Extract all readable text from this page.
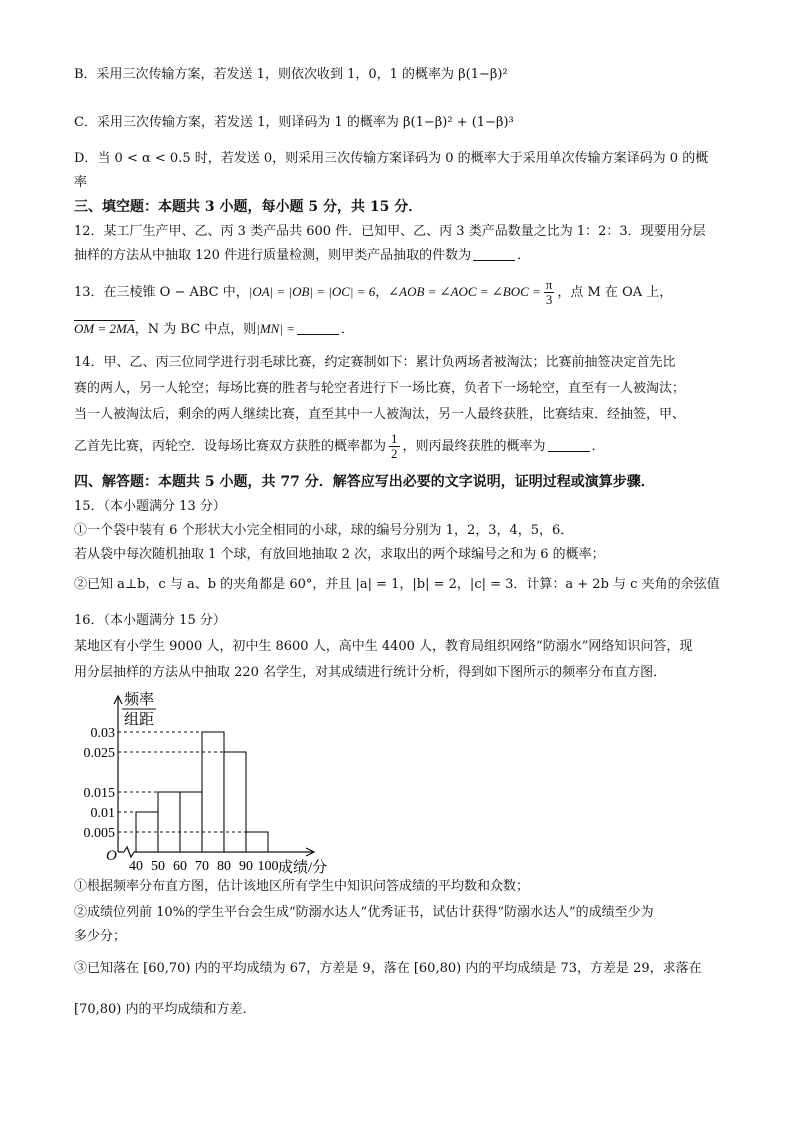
B．采用三次传输方案，若发送 1，则依次收到 1，0，1 的概率为 β(1−β)²
C．采用三次传输方案，若发送 1，则译码为 1 的概率为 β(1−β)² + (1−β)³
D．当 0 < α < 0.5 时，若发送 0，则采用三次传输方案译码为 0 的概率大于采用单次传输方案译码为 0 的概
率
三、填空题：本题共 3 小题，每小题 5 分，共 15 分．
12．某工厂生产甲、乙、丙 3 类产品共 600 件．已知甲、乙、丙 3 类产品数量之比为 1：2：3．现要用分层
抽样的方法从中抽取 120 件进行质量检测，则甲类产品抽取的件数为	．
13．在三棱锥 O − ABC 中，|OA| = |OB| = |OC| = 6，∠AOB = ∠AOC = ∠BOC = $\frac{\pi}{3}$ ，点 M 在 OA 上，
OM = 2MA，N 为 BC 中点，则|MN| =	．
14．甲、乙、丙三位同学进行羽毛球比赛，约定赛制如下：累计负两场者被淘汰；比赛前抽签决定首先比
赛的两人，另一人轮空；每场比赛的胜者与轮空者进行下一场比赛，负者下一场轮空，直至有一人被淘汰；
当一人被淘汰后，剩余的两人继续比赛，直至其中一人被淘汰，另一人最终获胜，比赛结束．经抽签，甲、
乙首先比赛，丙轮空．设每场比赛双方获胜的概率都为 $\frac{1}{2}$ ，则丙最终获胜的概率为	．
四、解答题：本题共 5 小题，共 77 分．解答应写出必要的文字说明，证明过程或演算步骤．
15．（本小题满分 13 分）
①一个袋中装有 6 个形状大小完全相同的小球，球的编号分别为 1，2，3，4，5，6．
若从袋中每次随机抽取 1 个球，有放回地抽取 2 次，求取出的两个球编号之和为 6 的概率；
②已知 a⊥b，c 与 a、b 的夹角都是 60°，并且 |a| = 1，|b| = 2，|c| = 3．计算：a + 2b 与 c 夹角的余弦值
16．（本小题满分 15 分）
某地区有小学生 9000 人，初中生 8600 人，高中生 4400 人，教育局组织网络“防溺水”网络知识问答，现
用分层抽样的方法从中抽取 220 名学生，对其成绩进行统计分析，得到如下图所示的频率分布直方图．
频率
组距
0.03
0.025
0.015
0.01
0.005
40 50 60 70 80 90 100
O
成绩/分
①根据频率分布直方图，估计该地区所有学生中知识问答成绩的平均数和众数；
②成绩位列前 10%的学生平台会生成“防溺水达人”优秀证书，试估计获得“防溺水达人”的成绩至少为
多少分；
③已知落在 [60,70) 内的平均成绩为 67，方差是 9，落在 [60,80) 内的平均成绩是 73，方差是 29，求落在
[70,80) 内的平均成绩和方差．
